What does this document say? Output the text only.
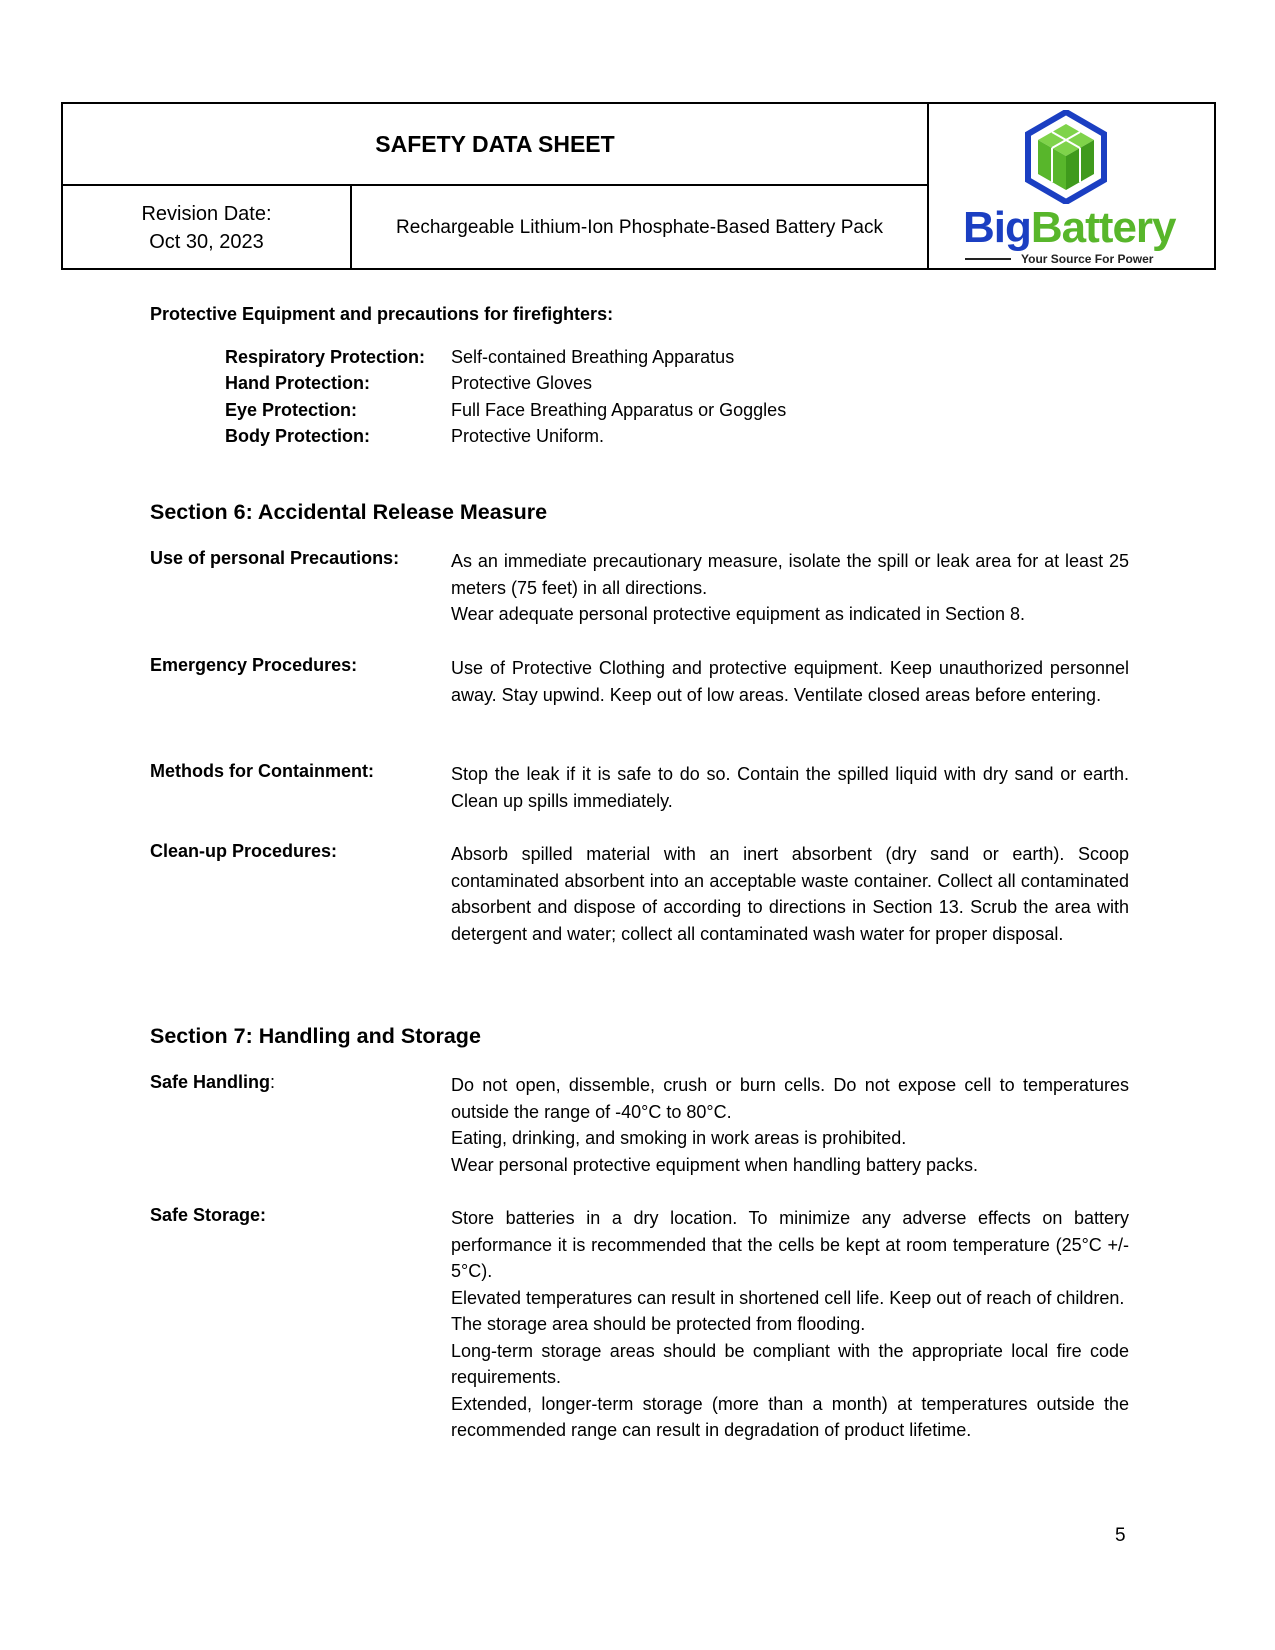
SAFETY DATA SHEET
Revision Date:
Oct 30, 2023
Rechargeable Lithium-Ion Phosphate-Based Battery Pack	BigBattery
Your Source For Power
Protective Equipment and precautions for firefighters:
Respiratory Protection: Self-contained Breathing Apparatus
Hand Protection:	Protective Gloves
Eye Protection:	Full Face Breathing Apparatus or Goggles
Body Protection:	Protective Uniform.
Section 6: Accidental Release Measure
Use of personal Precautions:	As an immediate precautionary measure, isolate the spill or leak area for at least 25 meters (75 feet) in all directions.

Wear adequate personal protective equipment as indicated in Section 8.

Emergency Procedures:	Use of Protective Clothing and protective equipment. Keep unauthorized personnel away. Stay upwind. Keep out of low areas. Ventilate closed areas before entering.

Methods for Containment:	Stop the leak if it is safe to do so. Contain the spilled liquid with dry sand or earth. Clean up spills immediately.

Clean-up Procedures:	Absorb spilled material with an inert absorbent (dry sand or earth). Scoop contaminated absorbent into an acceptable waste container. Collect all contaminated absorbent and dispose of according to directions in Section 13. Scrub the area with detergent and water; collect all contaminated wash water for proper disposal.

Section 7: Handling and Storage
Safe Handling:	Do not open, dissemble, crush or burn cells. Do not expose cell to temperatures outside the range of -40°C to 80°C.

Eating, drinking, and smoking in work areas is prohibited.

Wear personal protective equipment when handling battery packs.

Safe Storage:	Store batteries in a dry location. To minimize any adverse effects on battery performance it is recommended that the cells be kept at room temperature (25°C +/- 5°C).

Elevated temperatures can result in shortened cell life. Keep out of reach of children.

The storage area should be protected from flooding.

Long-term storage areas should be compliant with the appropriate local fire code requirements.

Extended, longer-term storage (more than a month) at temperatures outside the recommended range can result in degradation of product lifetime.

5
